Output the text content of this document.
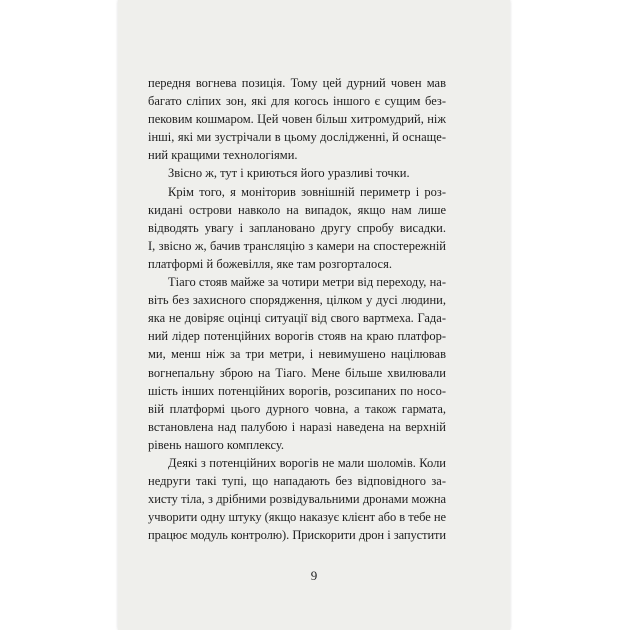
передня вогнева позиція. Тому цей дурний човен мав
багато сліпих зон, які для когось іншого є сущим без-
пековим кошмаром. Цей човен більш хитромудрий, ніж
інші, які ми зустрічали в цьому дослідженні, й оснаще-
ний кращими технологіями.
Звісно ж, тут і криються його уразливі точки.
Крім того, я моніторив зовнішній периметр і роз-
кидані острови навколо на випадок, якщо нам лише
відводять увагу і заплановано другу спробу висадки.
І, звісно ж, бачив трансляцію з камери на спостережній
платформі й божевілля, яке там розгорталося.
Тіаго стояв майже за чотири метри від переходу, на-
віть без захисного спорядження, цілком у дусі людини,
яка не довіряє оцінці ситуації від свого вартмеха. Гада-
ний лідер потенційних ворогів стояв на краю платфор-
ми, менш ніж за три метри, і невимушено націлював
вогнепальну зброю на Тіаго. Мене більше хвилювали
шість інших потенційних ворогів, розсипаних по носо-
вій платформі цього дурного човна, а також гармата,
встановлена над палубою і наразі наведена на верхній
рівень нашого комплексу.
Деякі з потенційних ворогів не мали шоломів. Коли
недруги такі тупі, що нападають без відповідного за-
хисту тіла, з дрібними розвідувальними дронами можна
учворити одну штуку (якщо наказує клієнт або в тебе не
працює модуль контролю). Прискорити дрон і запустити
9
